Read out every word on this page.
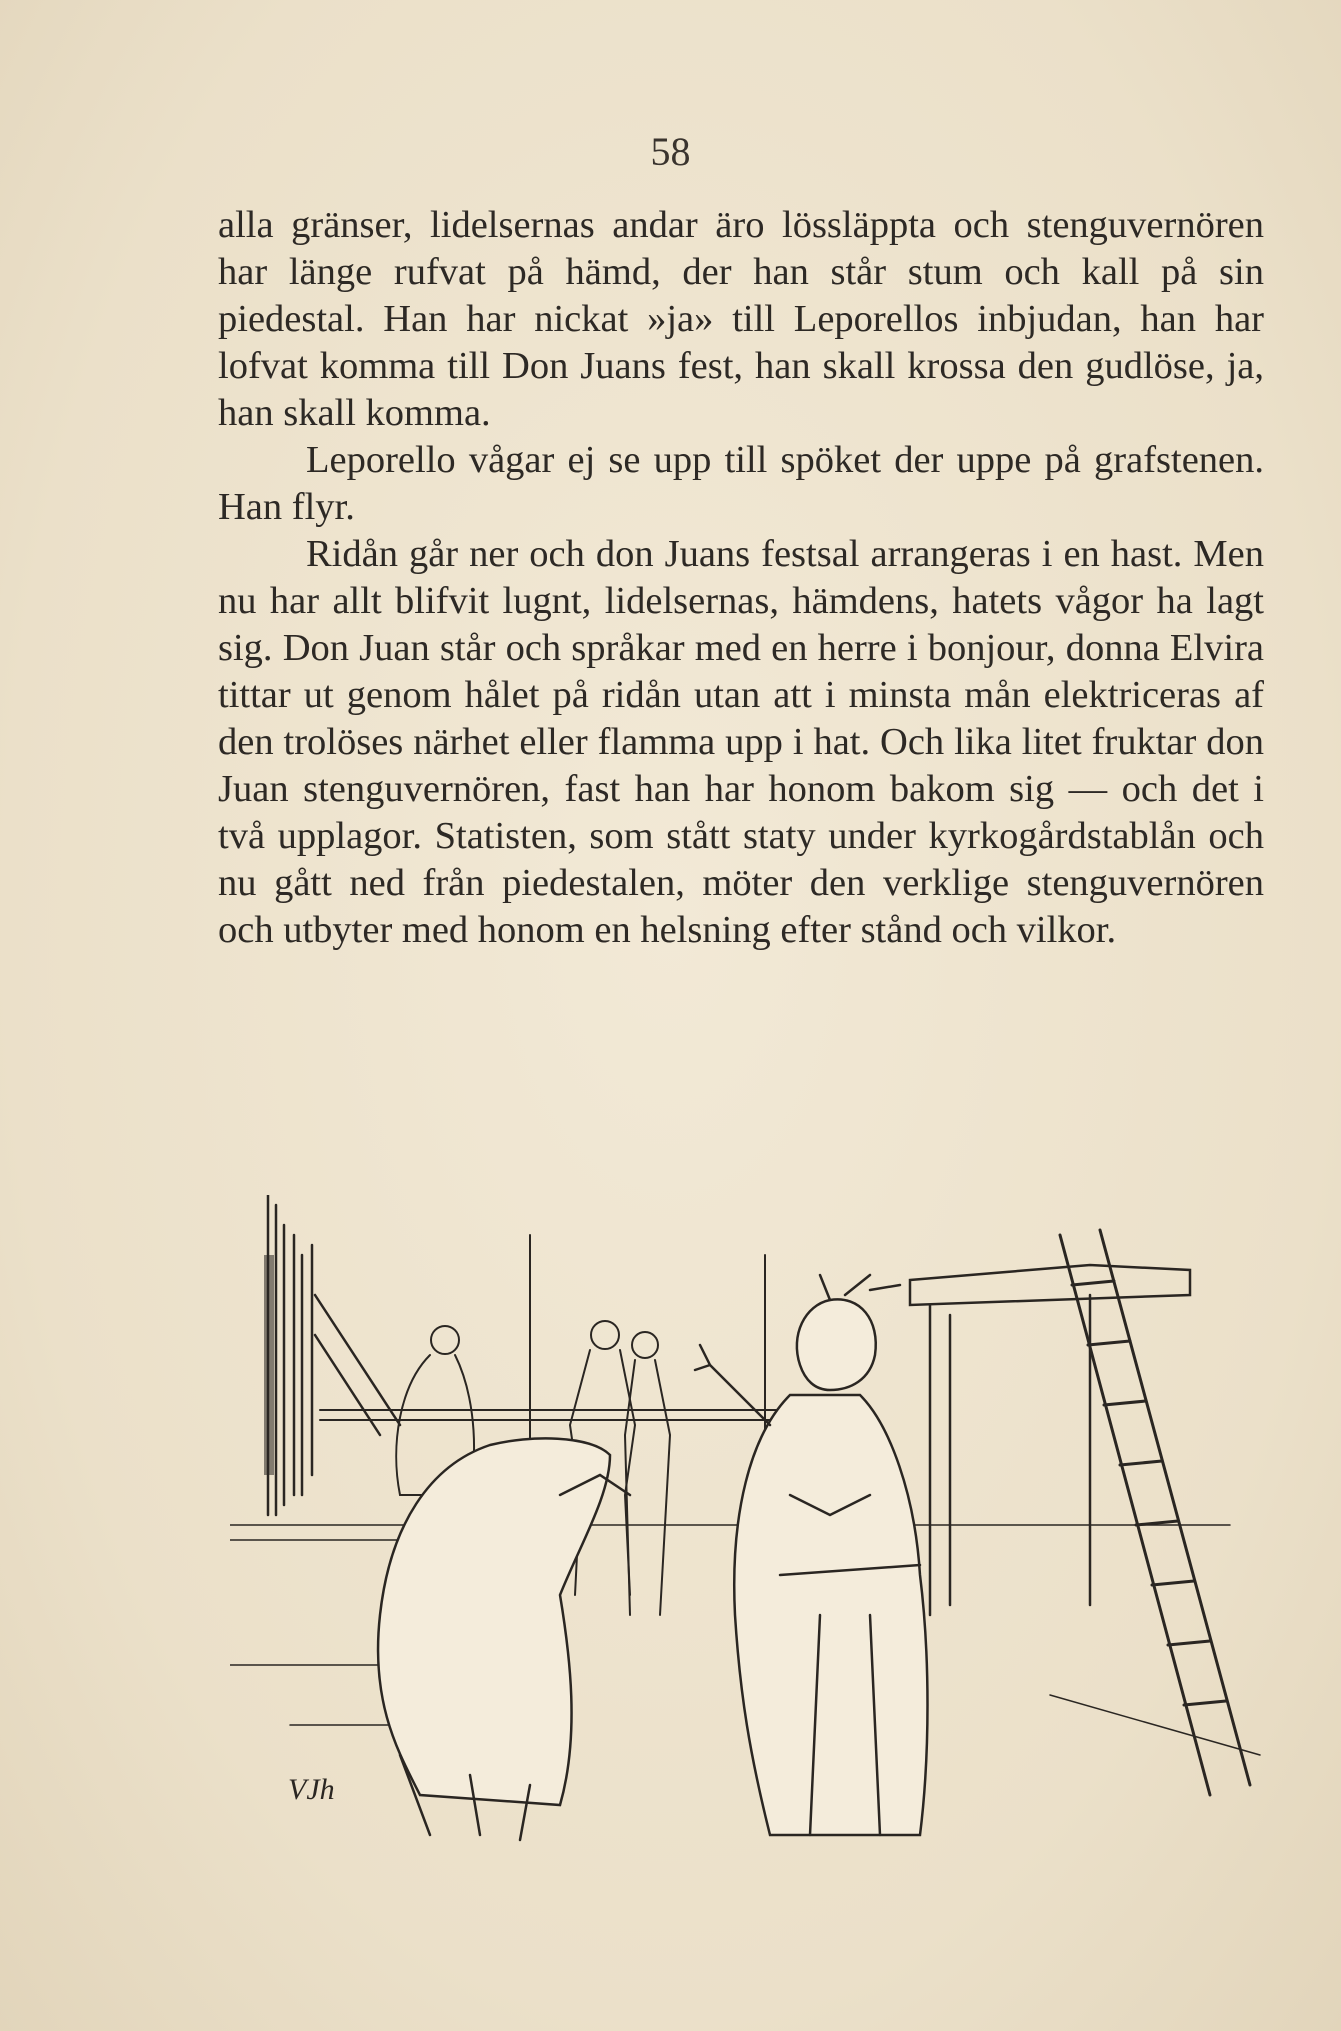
58

alla gränser, lidelsernas andar äro lössläppta och stenguvernören har länge rufvat på hämd, der han står stum och kall på sin piedestal. Han har nickat »ja» till Leporellos inbjudan, han har lofvat komma till Don Juans fest, han skall krossa den gudlöse, ja, han skall komma.

Leporello vågar ej se upp till spöket der uppe på grafstenen. Han flyr.

Ridån går ner och don Juans festsal arrangeras i en hast. Men nu har allt blifvit lugnt, lidelsernas, hämdens, hatets vågor ha lagt sig. Don Juan står och språkar med en herre i bonjour, donna Elvira tittar ut genom hålet på ridån utan att i minsta mån elektriceras af den trolöses närhet eller flamma upp i hat. Och lika litet fruktar don Juan stenguvernören, fast han har honom bakom sig — och det i två upplagor. Statisten, som stått staty under kyrkogårdstablån och nu gått ned från piedestalen, möter den verklige stenguvernören och utbyter med honom en helsning efter stånd och vilkor.

VJh
